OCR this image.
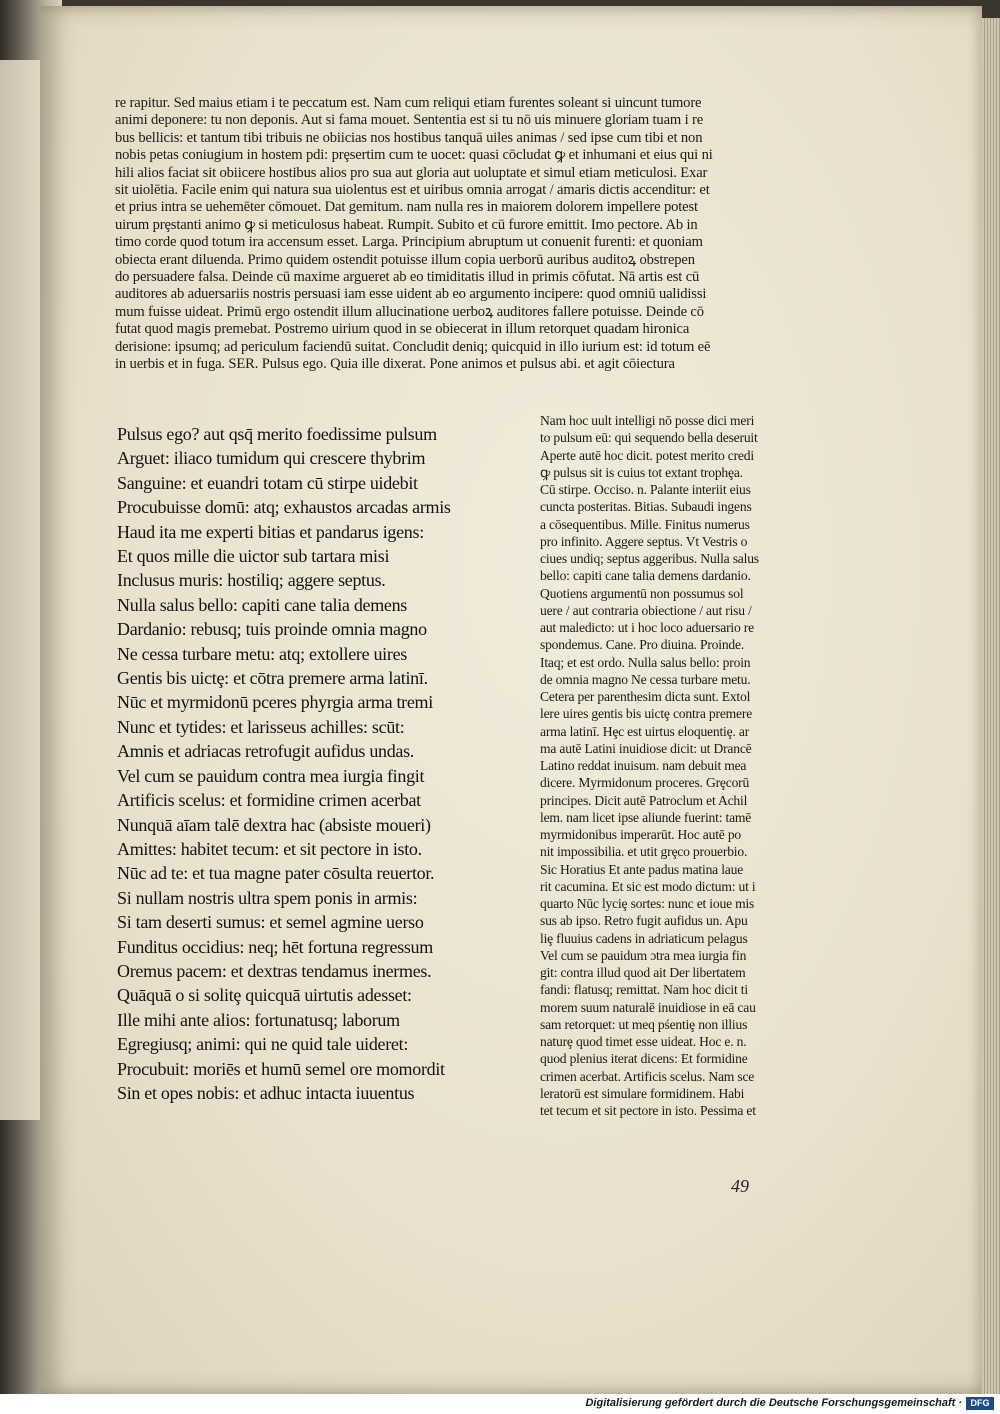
re rapitur. Sed maius etiam i te peccatum est. Nam cum reliqui etiam furentes soleant si uincunt tumore
animi deponere: tu non deponis. Aut si fama mouet. Sententia est si tu nō uis minuere gloriam tuam i re
bus bellicis: et tantum tibi tribuis ne obiicias nos hostibus tanquā uiles animas / sed ipse cum tibi et non
nobis petas coniugium in hostem pdi: prȩsertim cum te uocet: quasi cōcludat ꝙ et inhumani et eius qui ni
hili alios faciat sit obiicere hostibus alios pro sua aut gloria aut uoluptate et simul etiam meticulosi. Exar
sit uiolētia. Facile enim qui natura sua uiolentus est et uiribus omnia arrogat / amaris dictis accenditur: et
et prius intra se uehemēter cōmouet. Dat gemitum. nam nulla res in maiorem dolorem impellere potest
uirum prȩstanti animo ꝙ si meticulosus habeat. Rumpit. Subito et cū furore emittit. Imo pectore. Ab in
timo corde quod totum ira accensum esset. Larga. Principium abruptum ut conuenit furenti: et quoniam
obiecta erant diluenda. Primo quidem ostendit potuisse illum copia uerborū auribus auditoꝝ obstrepen
do persuadere falsa. Deinde cū maxime argueret ab eo timiditatis illud in primis cōfutat. Nā artis est cū
auditores ab aduersariis nostris persuasi iam esse uident ab eo argumento incipere: quod omniū ualidissi
mum fuisse uideat. Primū ergo ostendit illum allucinatione uerboꝝ auditores fallere potuisse. Deinde cō
futat quod magis premebat. Postremo uirium quod in se obiecerat in illum retorquet quadam hironica
derisione: ipsumq; ad periculum faciendū suitat. Concludit deniq; quicquid in illo iurium est: id totum eē
in uerbis et in fuga. SER. Pulsus ego. Quia ille dixerat. Pone animos et pulsus abi. et agit cōiectura
Pulsus ego? aut qsq̄ merito foedissime pulsum
Arguet: iliaco tumidum qui crescere thybrim
Sanguine: et euandri totam cū stirpe uidebit
Procubuisse domū: atq; exhaustos arcadas armis
Haud ita me experti bitias et pandarus igens:
Et quos mille die uictor sub tartara misi
Inclusus muris: hostiliq; aggere septus.
Nulla salus bello: capiti cane talia demens
Dardanio: rebusq; tuis proinde omnia magno
Ne cessa turbare metu: atq; extollere uires
Gentis bis uictȩ: et cōtra premere arma latinī.
Nūc et myrmidonū pceres phyrgia arma tremi
Nunc et tytides: et larisseus achilles: scūt:
Amnis et adriacas retrofugit aufidus undas.
Vel cum se pauidum contra mea iurgia fingit
Artificis scelus: et formidine crimen acerbat
Nunquā aīam talē dextra hac (absiste moueri)
Amittes: habitet tecum: et sit pectore in isto.
Nūc ad te: et tua magne pater cōsulta reuertor.
Si nullam nostris ultra spem ponis in armis:
Si tam deserti sumus: et semel agmine uerso
Funditus occidius: neq; hēt fortuna regressum
Oremus pacem: et dextras tendamus inermes.
Quāquā o si solitȩ quicquā uirtutis adesset:
Ille mihi ante alios: fortunatusq; laborum
Egregiusq; animi: qui ne quid tale uideret:
Procubuit: moriēs et humū semel ore momordit
Sin et opes nobis: et adhuc intacta iuuentus
Nam hoc uult intelligi nō posse dici meri
to pulsum eū: qui sequendo bella deseruit
Aperte autē hoc dicit. potest merito credi
ꝙ pulsus sit is cuius tot extant trophȩa.
Cū stirpe. Occiso. n. Palante interiit eius
cuncta posteritas. Bitias. Subaudi ingens
a cōsequentibus. Mille. Finitus numerus
pro infinito. Aggere septus. Vt Vestris o
ciues undiq; septus aggeribus. Nulla salus
bello: capiti cane talia demens dardanio.
Quotiens argumentū non possumus sol
uere / aut contraria obiectione / aut risu /
aut maledicto: ut i hoc loco aduersario re
spondemus. Cane. Pro diuina. Proinde.
Itaq; et est ordo. Nulla salus bello: proin
de omnia magno Ne cessa turbare metu.
Cetera per parenthesim dicta sunt. Extol
lere uires gentis bis uictȩ contra premere
arma latinī. Hȩc est uirtus eloquentiȩ. ar
ma autē Latini inuidiose dicit: ut Drancē
Latino reddat inuisum. nam debuit mea
dicere. Myrmidonum proceres. Grȩcorū
principes. Dicit autē Patroclum et Achil
lem. nam licet ipse aliunde fuerint: tamē
myrmidonibus imperarūt. Hoc autē po
nit impossibilia. et utit grȩco prouerbio.
Sic Horatius Et ante padus matina laue
rit cacumina. Et sic est modo dictum: ut i
quarto Nūc lyciȩ sortes: nunc et ioue mis
sus ab ipso. Retro fugit aufidus un. Apu
liȩ fluuius cadens in adriaticum pelagus
Vel cum se pauidum ɔtra mea iurgia fin
git: contra illud quod ait Der libertatem
fandi: flatusq; remittat. Nam hoc dicit ti
morem suum naturalē inuidiose in eā cau
sam retorquet: ut meq pśentiȩ non illius
naturȩ quod timet esse uideat. Hoc e. n.
quod plenius iterat dicens: Et formidine
crimen acerbat. Artificis scelus. Nam sce
leratorū est simulare formidinem. Habi
tet tecum et sit pectore in isto. Pessima et
49
Digitalisierung gefördert durch die Deutsche Forschungsgemeinschaft · DFG
